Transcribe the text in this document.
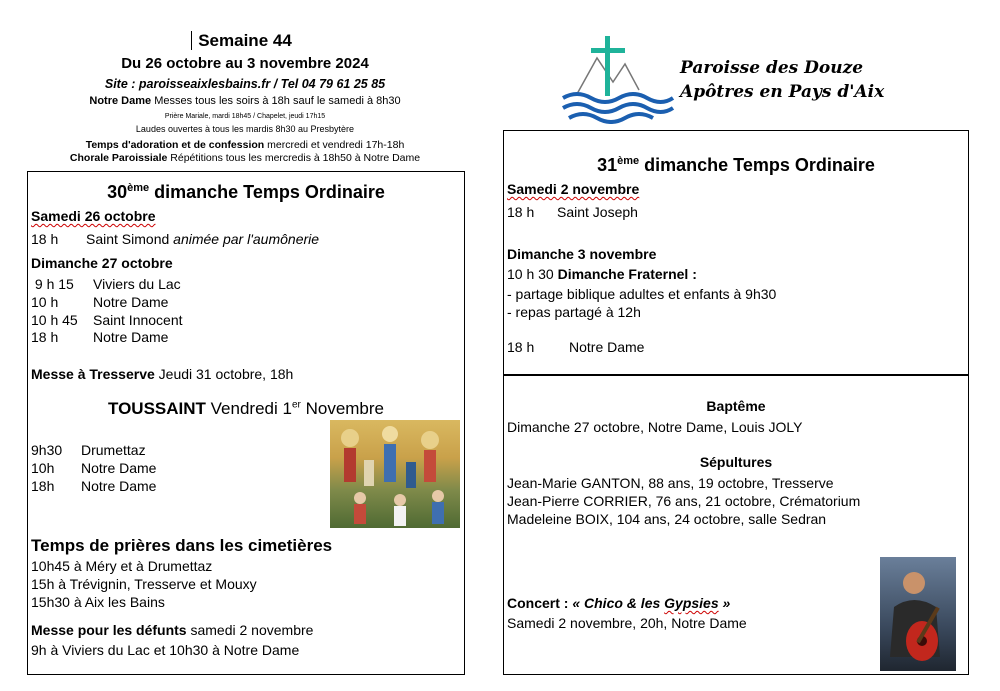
Semaine 44
Du 26 octobre au 3 novembre 2024
Site : paroisseaixlesbains.fr / Tel 04 79 61 25 85
Notre Dame Messes tous les soirs à 18h sauf le samedi à 8h30
Prière Mariale, mardi 18h45 / Chapelet, jeudi 17h15
Laudes ouvertes à tous les mardis 8h30 au Presbytère
Temps d'adoration et de confession mercredi et vendredi 17h-18h
Chorale Paroissiale Répétitions tous les mercredis à 18h50 à Notre Dame
Paroisse des Douze
Apôtres en Pays d'Aix
30ème dimanche Temps Ordinaire
Samedi 26 octobre
18 h Saint Simond animée par l'aumônerie
Dimanche 27 octobre
9 h 15 Viviers du Lac
10 h Notre Dame
10 h 45 Saint Innocent
18 h Notre Dame
Messe à Tresserve Jeudi 31 octobre, 18h
TOUSSAINT Vendredi 1er Novembre
9h30 Drumettaz
10h Notre Dame
18h Notre Dame
Temps de prières dans les cimetières
10h45 à Méry et à Drumettaz
15h à Trévignin, Tresserve et Mouxy
15h30 à Aix les Bains
Messe pour les défunts samedi 2 novembre
9h à Viviers du Lac et 10h30 à Notre Dame
31ème dimanche Temps Ordinaire
Samedi 2 novembre
18 h Saint Joseph
Dimanche 3 novembre
10 h 30 Dimanche Fraternel :
- partage biblique adultes et enfants à 9h30
- repas partagé à 12h
18 h Notre Dame
Baptême
Dimanche 27 octobre, Notre Dame, Louis JOLY
Sépultures
Jean-Marie GANTON, 88 ans, 19 octobre, Tresserve
Jean-Pierre CORRIER, 76 ans, 21 octobre, Crématorium
Madeleine BOIX, 104 ans, 24 octobre, salle Sedran
Concert : « Chico & les Gypsies »
Samedi 2 novembre, 20h, Notre Dame
